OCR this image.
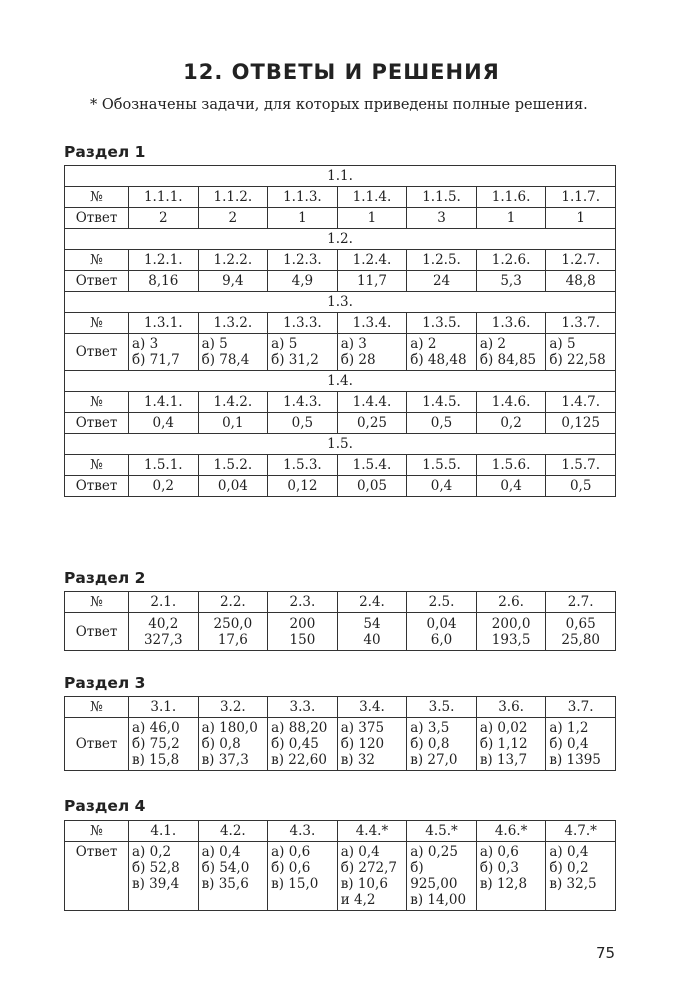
12. ОТВЕТЫ И РЕШЕНИЯ
* Обозначены задачи, для которых приведены полные решения.
Раздел 1
1.1.							
№	1.1.1.	1.1.2.	1.1.3.	1.1.4.	1.1.5.	1.1.6.	1.1.7.
Ответ	2	2	1	1	3	1	1
1.2.							
№	1.2.1.	1.2.2.	1.2.3.	1.2.4.	1.2.5.	1.2.6.	1.2.7.
Ответ	8,16	9,4	4,9	11,7	24	5,3	48,8
1.3.							
№	1.3.1.	1.3.2.	1.3.3.	1.3.4.	1.3.5.	1.3.6.	1.3.7.
Ответ	а) 3
б) 71,7	а) 5
б) 78,4	а) 5
б) 31,2	а) 3
б) 28	а) 2
б) 48,48	а) 2
б) 84,85	а) 5
б) 22,58
1.4.							
№	1.4.1.	1.4.2.	1.4.3.	1.4.4.	1.4.5.	1.4.6.	1.4.7.
Ответ	0,4	0,1	0,5	0,25	0,5	0,2	0,125
1.5.							
№	1.5.1.	1.5.2.	1.5.3.	1.5.4.	1.5.5.	1.5.6.	1.5.7.
Ответ	0,2	0,04	0,12	0,05	0,4	0,4	0,5
Раздел 2
№	2.1.	2.2.	2.3.	2.4.	2.5.	2.6.	2.7.
Ответ	40,2
327,3	250,0
17,6	200
150	54
40	0,04
6,0	200,0
193,5	0,65
25,80
Раздел 3
№	3.1.	3.2.	3.3.	3.4.	3.5.	3.6.	3.7.
Ответ	а) 46,0
б) 75,2
в) 15,8	а) 180,0
б) 0,8
в) 37,3	а) 88,20
б) 0,45
в) 22,60	а) 375
б) 120
в) 32	а) 3,5
б) 0,8
в) 27,0	а) 0,02
б) 1,12
в) 13,7	а) 1,2
б) 0,4
в) 1395
Раздел 4
№	4.1.	4.2.	4.3.	4.4.*	4.5.*	4.6.*	4.7.*
Ответ	а) 0,2
б) 52,8
в) 39,4	а) 0,4
б) 54,0
в) 35,6	а) 0,6
б) 0,6
в) 15,0	а) 0,4
б) 272,7
в) 10,6
и 4,2	а) 0,25
б) 925,00
в) 14,00	а) 0,6
б) 0,3
в) 12,8	а) 0,4
б) 0,2
в) 32,5
75
